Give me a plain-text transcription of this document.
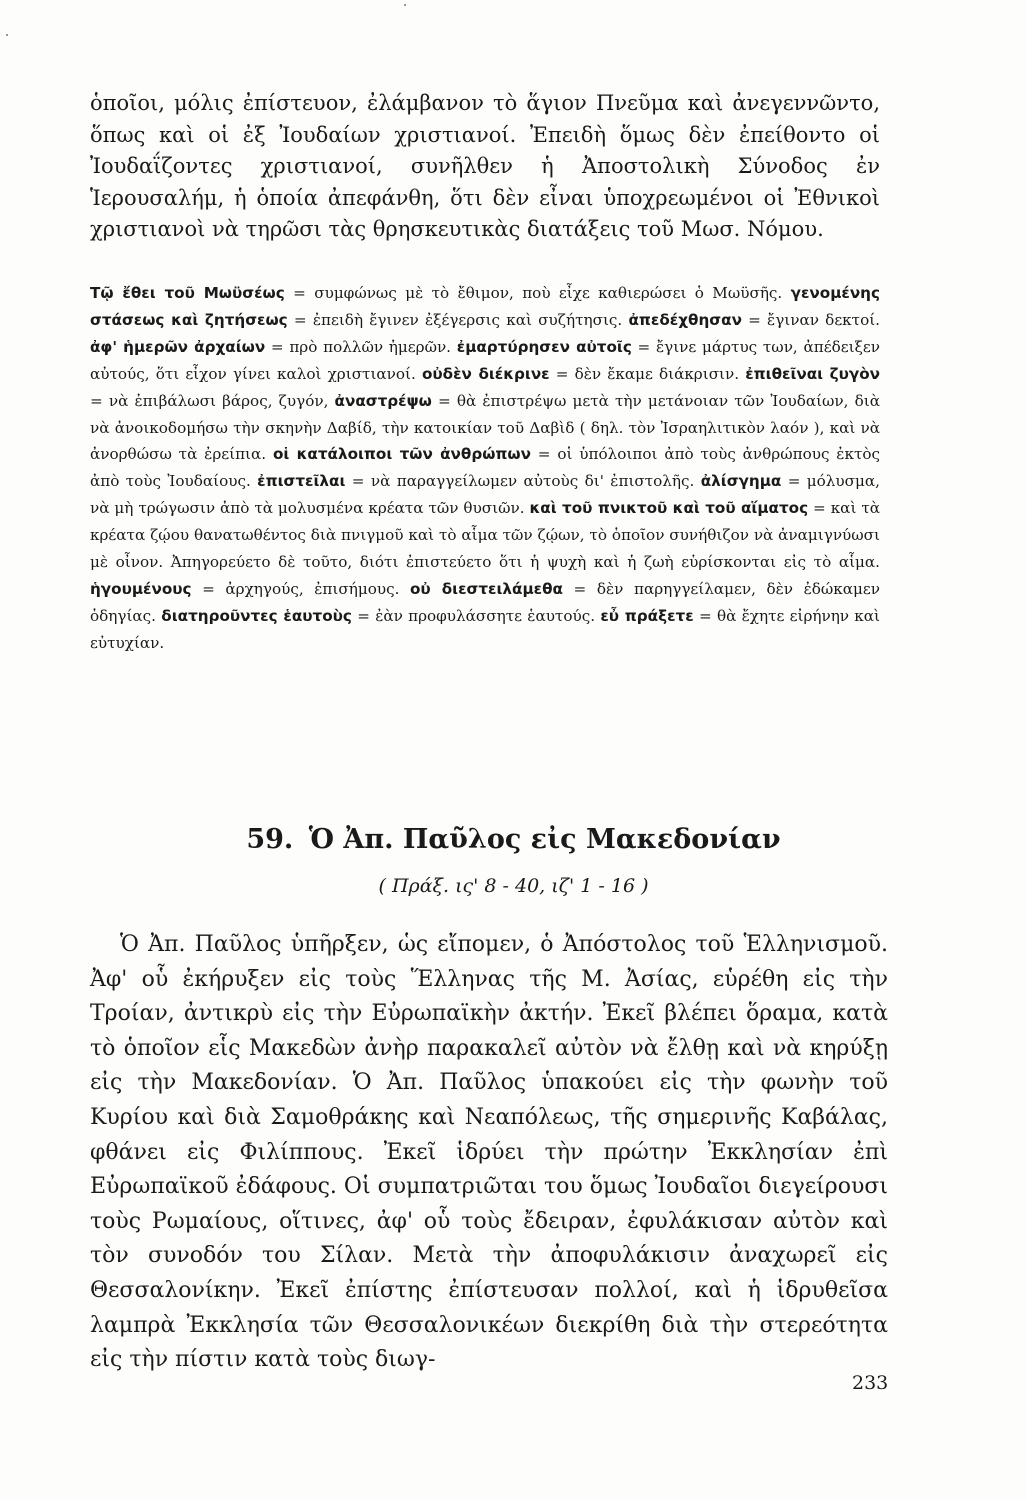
ὁποῖοι, μόλις ἐπίστευον, ἐλάμβανον τὸ ἅγιον Πνεῦμα καὶ ἀνεγεννῶντο, ὅπως καὶ οἱ ἐξ Ἰουδαίων χριστιανοί. Ἐπειδὴ ὅμως δὲν ἐπείθοντο οἱ Ἰουδαΐζοντες χριστιανοί, συνῆλθεν ἡ Ἀποστολικὴ Σύνοδος ἐν Ἱερουσαλήμ, ἡ ὁποία ἀπεφάνθη, ὅτι δὲν εἶναι ὑποχρεωμένοι οἱ Ἐθνικοὶ χριστιανοὶ νὰ τηρῶσι τὰς θρησκευτικὰς διατάξεις τοῦ Μωσ. Νόμου.

Τῷ ἔθει τοῦ Μωϋσέως = συμφώνως μὲ τὸ ἔθιμον, ποὺ εἶχε καθιερώσει ὁ Μωϋσῆς. γενομένης στάσεως καὶ ζητήσεως = ἐπειδὴ ἔγινεν ἐξέγερσις καὶ συζήτησις. ἀπεδέχθησαν = ἔγιναν δεκτοί. ἀφ' ἡμερῶν ἀρχαίων = πρὸ πολλῶν ἡμερῶν. ἐμαρτύρησεν αὐτοῖς = ἔγινε μάρτυς των, ἀπέδειξεν αὐτούς, ὅτι εἶχον γίνει καλοὶ χριστιανοί. οὐδὲν διέκρινε = δὲν ἔκαμε διάκρισιν. ἐπιθεῖναι ζυγὸν = νὰ ἐπιβάλωσι βάρος, ζυγόν, ἀναστρέψω = θὰ ἐπιστρέψω μετὰ τὴν μετάνοιαν τῶν Ἰουδαίων, διὰ νὰ ἀνοικοδομήσω τὴν σκηνὴν Δαβίδ, τὴν κατοικίαν τοῦ Δαβὶδ ( δηλ. τὸν Ἰσραηλιτικὸν λαόν ), καὶ νὰ ἀνορθώσω τὰ ἐρείπια. οἱ κατάλοιποι τῶν ἀνθρώπων = οἱ ὑπόλοιποι ἀπὸ τοὺς ἀνθρώπους ἐκτὸς ἀπὸ τοὺς Ἰουδαίους. ἐπιστεῖλαι = νὰ παραγγείλωμεν αὐτοὺς δι' ἐπιστολῆς. ἀλίσγημα = μόλυσμα, νὰ μὴ τρώγωσιν ἀπὸ τὰ μολυσμένα κρέατα τῶν θυσιῶν. καὶ τοῦ πνικτοῦ καὶ τοῦ αἵματος = καὶ τὰ κρέατα ζῴου θανατωθέντος διὰ πνιγμοῦ καὶ τὸ αἷμα τῶν ζῴων, τὸ ὁποῖον συνήθιζον νὰ ἀναμιγνύωσι μὲ οἶνον. Ἀπηγορεύετο δὲ τοῦτο, διότι ἐπιστεύετο ὅτι ἡ ψυχὴ καὶ ἡ ζωὴ εὑρίσκονται εἰς τὸ αἷμα. ἡγουμένους = ἀρχηγούς, ἐπισήμους. οὐ διεστειλάμεθα = δὲν παρηγγείλαμεν, δὲν ἐδώκαμεν ὁδηγίας. διατηροῦντες ἑαυτοὺς = ἐὰν προφυλάσσητε ἑαυτούς. εὖ πράξετε = θὰ ἔχητε εἰρήνην καὶ εὐτυχίαν.

59. Ὁ Ἀπ. Παῦλος εἰς Μακεδονίαν

( Πράξ. ις' 8 - 40, ιζ' 1 - 16 )

Ὁ Ἀπ. Παῦλος ὑπῆρξεν, ὡς εἴπομεν, ὁ Ἀπόστολος τοῦ Ἑλληνισμοῦ. Ἀφ' οὗ ἐκήρυξεν εἰς τοὺς Ἕλληνας τῆς Μ. Ἀσίας, εὑρέθη εἰς τὴν Τροίαν, ἀντικρὺ εἰς τὴν Εὐρωπαϊκὴν ἀκτήν. Ἐκεῖ βλέπει ὅραμα, κατὰ τὸ ὁποῖον εἷς Μακεδὼν ἀνὴρ παρακαλεῖ αὐτὸν νὰ ἔλθῃ καὶ νὰ κηρύξῃ εἰς τὴν Μακεδονίαν. Ὁ Ἀπ. Παῦλος ὑπακούει εἰς τὴν φωνὴν τοῦ Κυρίου καὶ διὰ Σαμοθράκης καὶ Νεαπόλεως, τῆς σημερινῆς Καβάλας, φθάνει εἰς Φιλίππους. Ἐκεῖ ἱδρύει τὴν πρώτην Ἐκκλησίαν ἐπὶ Εὐρωπαϊκοῦ ἐδάφους. Οἱ συμπατριῶται του ὅμως Ἰουδαῖοι διεγείρουσι τοὺς Ρωμαίους, οἵτινες, ἀφ' οὗ τοὺς ἔδειραν, ἐφυλάκισαν αὐτὸν καὶ τὸν συνοδόν του Σίλαν. Μετὰ τὴν ἀποφυλάκισιν ἀναχωρεῖ εἰς Θεσσαλονίκην. Ἐκεῖ ἐπίστης ἐπίστευσαν πολλοί, καὶ ἡ ἱδρυθεῖσα λαμπρὰ Ἐκκλησία τῶν Θεσσαλονικέων διεκρίθη διὰ τὴν στερεότητα εἰς τὴν πίστιν κατὰ τοὺς διωγ-

233
